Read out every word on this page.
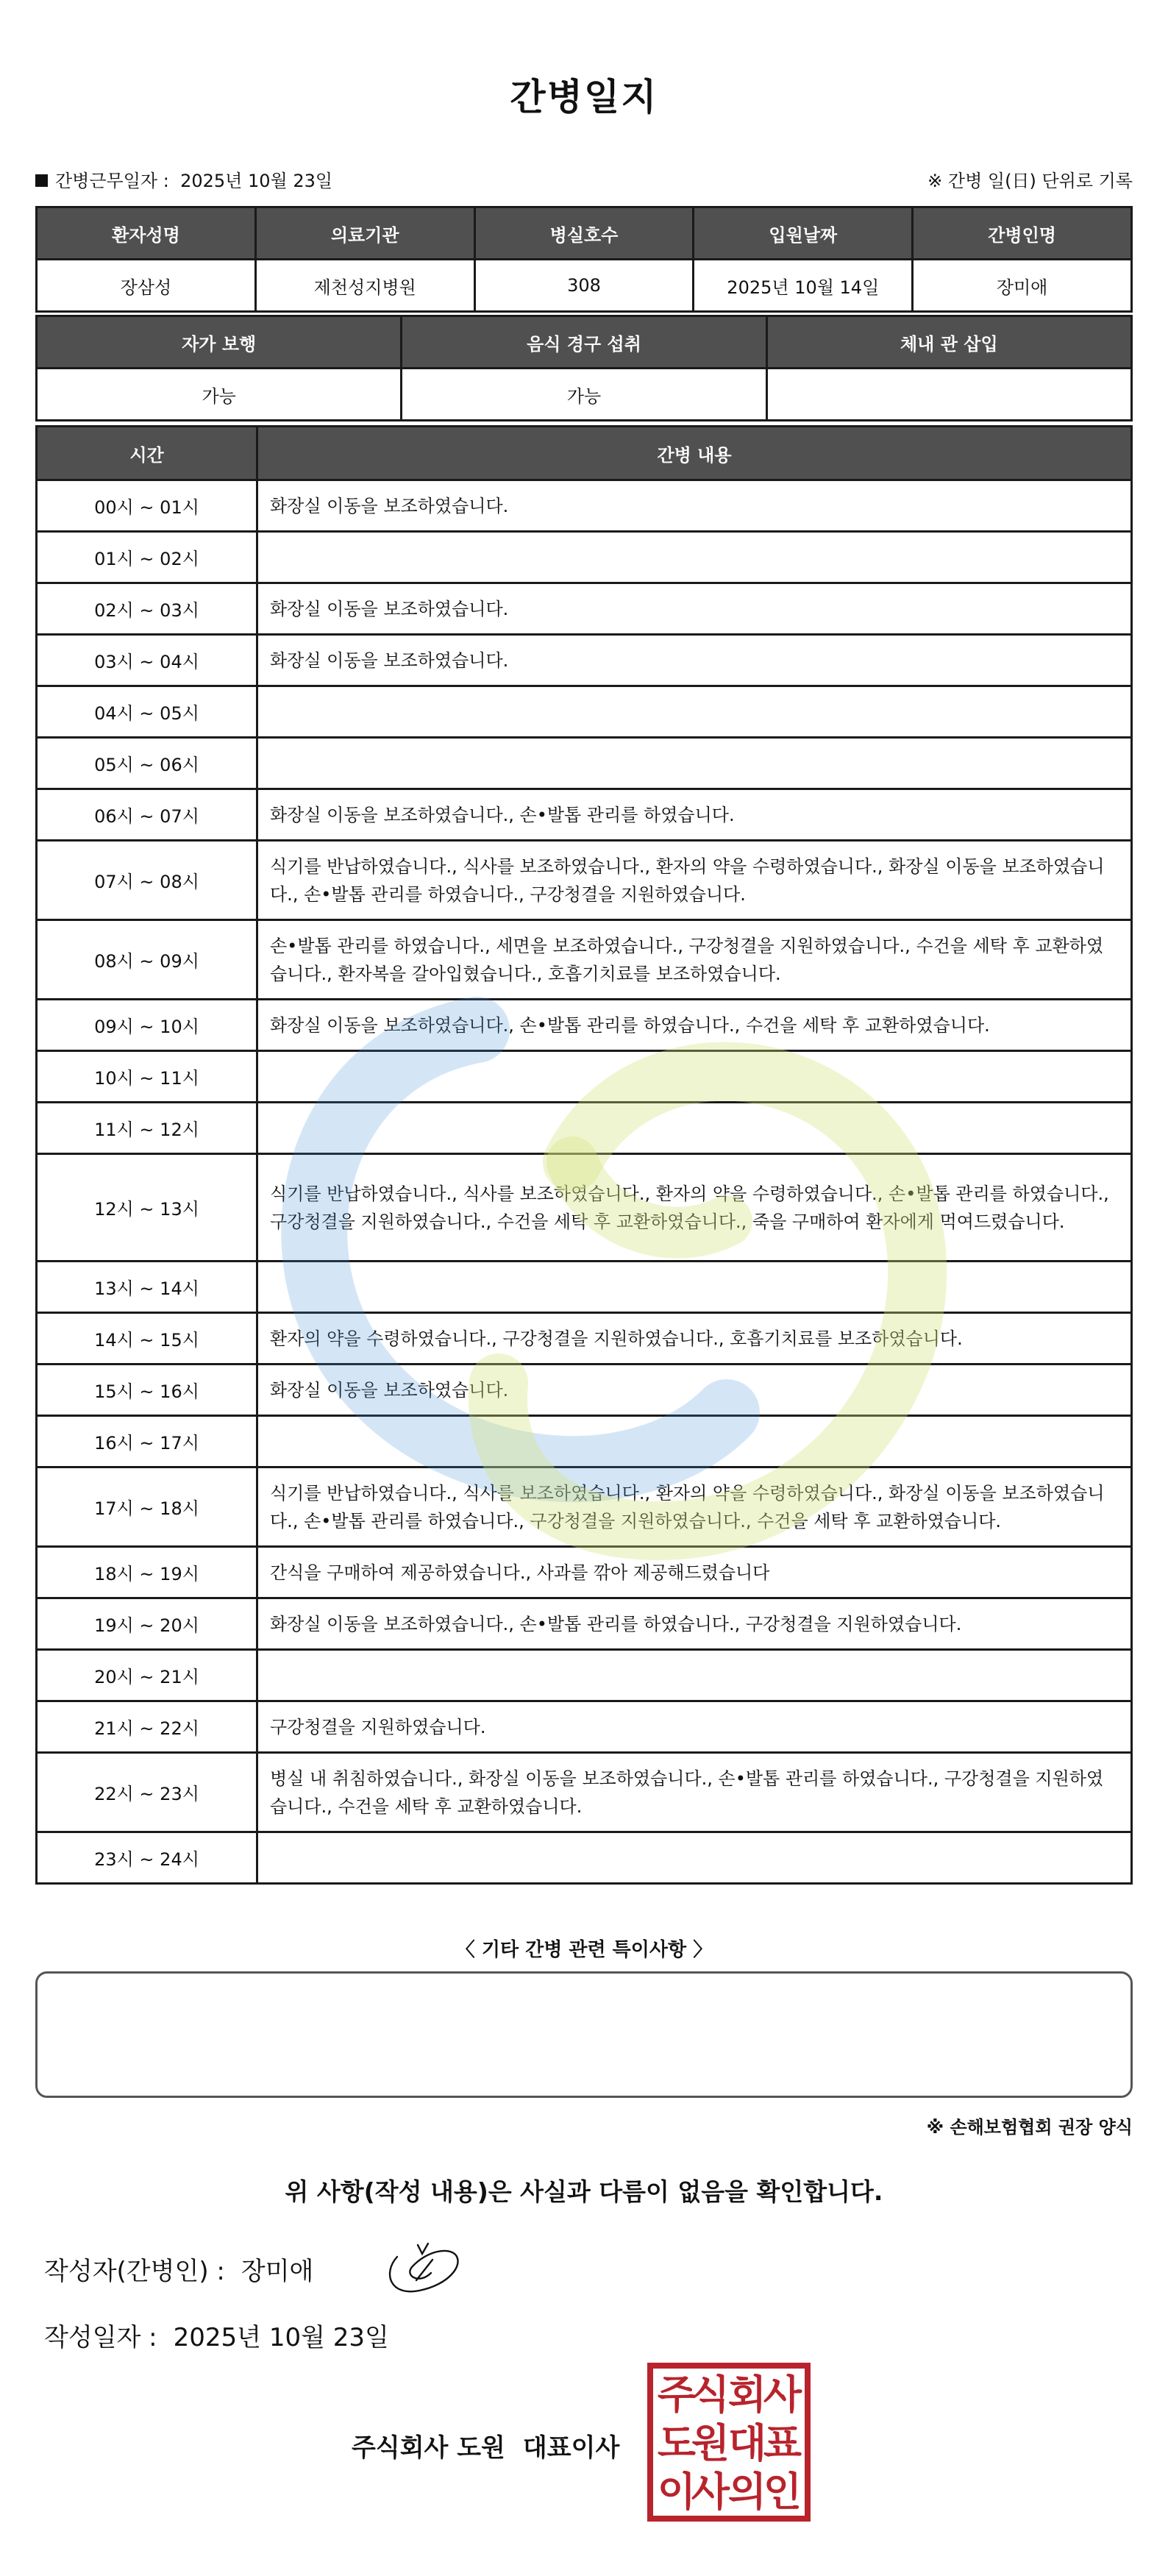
간병일지
간병근무일자 : 2025년 10월 23일	※ 간병 일(日) 단위로 기록
환자성명	의료기관	병실호수	입원날짜	간병인명
장삼성	제천성지병원	308	2025년 10월 14일	장미애
자가 보행	음식 경구 섭취	체내 관 삽입
가능	가능	
시간	간병 내용
00시 ~ 01시	화장실 이동을 보조하였습니다.
01시 ~ 02시	
02시 ~ 03시	화장실 이동을 보조하였습니다.
03시 ~ 04시	화장실 이동을 보조하였습니다.
04시 ~ 05시	
05시 ~ 06시	
06시 ~ 07시	화장실 이동을 보조하였습니다., 손•발톱 관리를 하였습니다.
07시 ~ 08시	식기를 반납하였습니다., 식사를 보조하였습니다., 환자의 약을 수령하였습니다., 화장실 이동을 보조하였습니다., 손•발톱 관리를 하였습니다., 구강청결을 지원하였습니다.
08시 ~ 09시	손•발톱 관리를 하였습니다., 세면을 보조하였습니다., 구강청결을 지원하였습니다., 수건을 세탁 후 교환하였습니다., 환자복을 갈아입혔습니다., 호흡기치료를 보조하였습니다.
09시 ~ 10시	화장실 이동을 보조하였습니다., 손•발톱 관리를 하였습니다., 수건을 세탁 후 교환하였습니다.
10시 ~ 11시	
11시 ~ 12시	
12시 ~ 13시	식기를 반납하였습니다., 식사를 보조하였습니다., 환자의 약을 수령하였습니다., 손•발톱 관리를 하였습니다., 구강청결을 지원하였습니다., 수건을 세탁 후 교환하였습니다., 죽을 구매하여 환자에게 먹여드렸습니다.
13시 ~ 14시	
14시 ~ 15시	환자의 약을 수령하였습니다., 구강청결을 지원하였습니다., 호흡기치료를 보조하였습니다.
15시 ~ 16시	화장실 이동을 보조하였습니다.
16시 ~ 17시	
17시 ~ 18시	식기를 반납하였습니다., 식사를 보조하였습니다., 환자의 약을 수령하였습니다., 화장실 이동을 보조하였습니다., 손•발톱 관리를 하였습니다., 구강청결을 지원하였습니다., 수건을 세탁 후 교환하였습니다.
18시 ~ 19시	간식을 구매하여 제공하였습니다., 사과를 깎아 제공해드렸습니다
19시 ~ 20시	화장실 이동을 보조하였습니다., 손•발톱 관리를 하였습니다., 구강청결을 지원하였습니다.
20시 ~ 21시	
21시 ~ 22시	구강청결을 지원하였습니다.
22시 ~ 23시	병실 내 취침하였습니다., 화장실 이동을 보조하였습니다., 손•발톱 관리를 하였습니다., 구강청결을 지원하였습니다., 수건을 세탁 후 교환하였습니다.
23시 ~ 24시	
〈 기타 간병 관련 특이사항 〉
※ 손해보험협회 권장 양식
위 사항(작성 내용)은 사실과 다름이 없음을 확인합니다.
작성자(간병인) : 장미애
작성일자 : 2025년 10월 23일
주식회사 도원 대표이사
주
식
회
사
도
원
대
표
이
사
의
인
